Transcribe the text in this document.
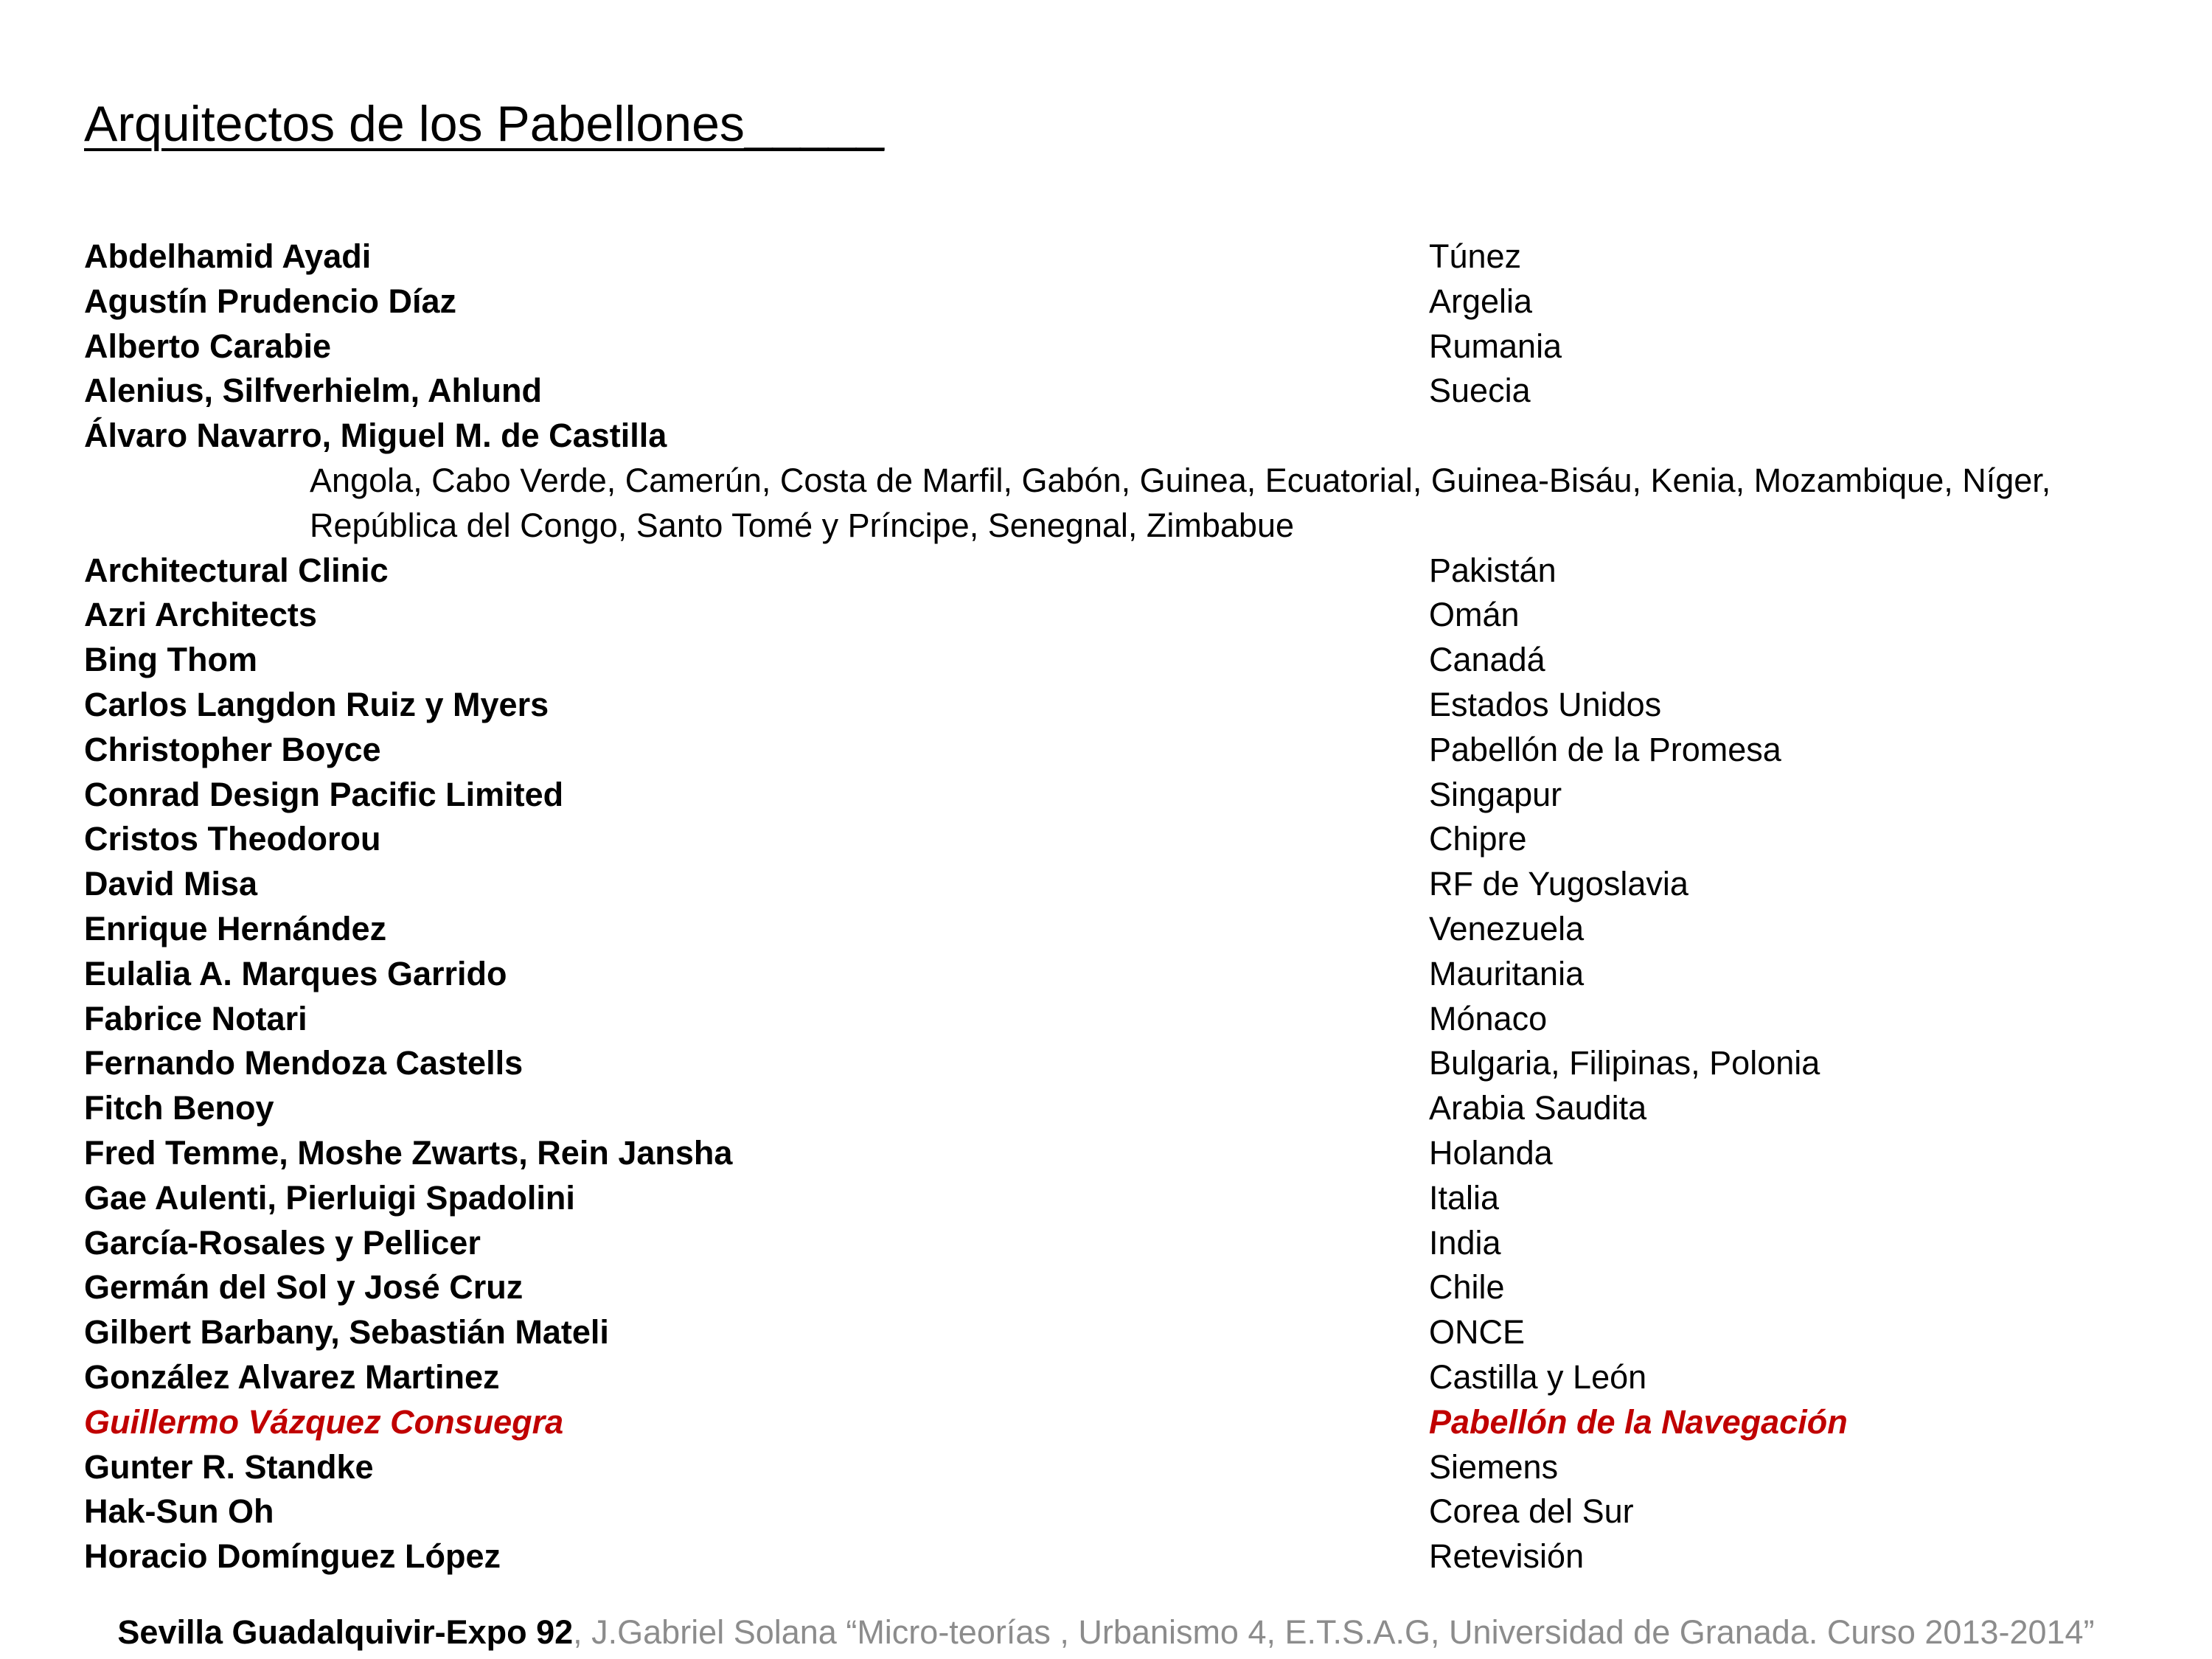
Arquitectos de los Pabellones_____
Abdelhamid Ayadi	Túnez
Agustín Prudencio Díaz	Argelia
Alberto Carabie	Rumania
Alenius, Silfverhielm, Ahlund	Suecia
Álvaro Navarro, Miguel M. de Castilla
Angola, Cabo Verde, Camerún, Costa de Marfil, Gabón, Guinea, Ecuatorial, Guinea-Bisáu, Kenia, Mozambique, Níger, República del Congo, Santo Tomé y Príncipe, Senegnal, Zimbabue
Architectural Clinic	Pakistán
Azri Architects	Omán
Bing Thom	Canadá
Carlos Langdon Ruiz y Myers	Estados Unidos
Christopher Boyce	Pabellón de la Promesa
Conrad Design Pacific Limited	Singapur
Cristos Theodorou	Chipre
David Misa	RF de Yugoslavia
Enrique Hernández	Venezuela
Eulalia A. Marques Garrido	Mauritania
Fabrice Notari	Mónaco
Fernando Mendoza Castells	Bulgaria, Filipinas, Polonia
Fitch Benoy	Arabia Saudita
Fred Temme, Moshe Zwarts, Rein Jansha	Holanda
Gae Aulenti, Pierluigi Spadolini	Italia
García-Rosales y Pellicer	India
Germán del Sol y José Cruz	Chile
Gilbert Barbany, Sebastián Mateli	ONCE
González Alvarez Martinez	Castilla y León
Guillermo Vázquez Consuegra	Pabellón de la Navegación
Gunter R. Standke	Siemens
Hak-Sun Oh	Corea del Sur
Horacio Domínguez López	Retevisión
Sevilla Guadalquivir-Expo 92, J.Gabriel Solana “Micro-teorías , Urbanismo 4, E.T.S.A.G, Universidad de Granada. Curso 2013-2014”
